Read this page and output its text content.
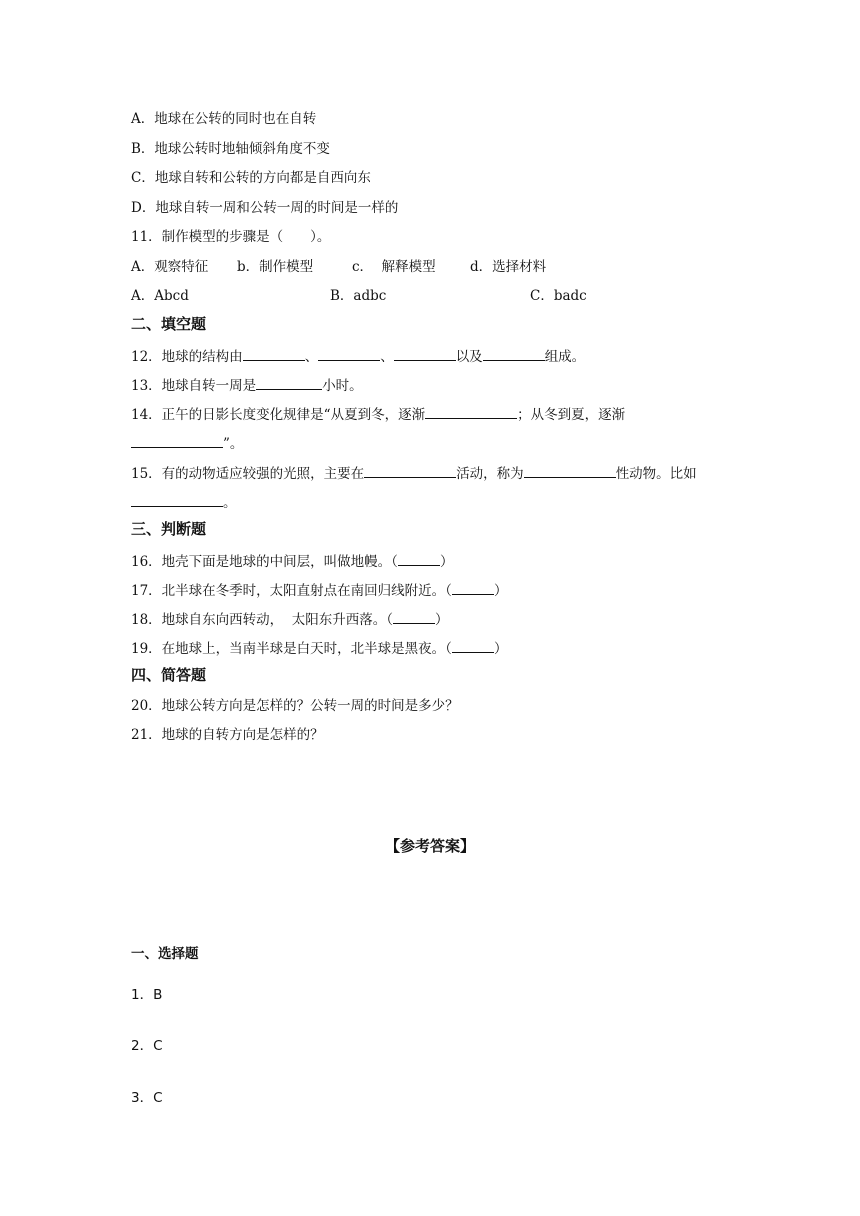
A．地球在公转的同时也在自转
B．地球公转时地轴倾斜角度不变
C．地球自转和公转的方向都是自西向东
D．地球自转一周和公转一周的时间是一样的
11．制作模型的步骤是（　　）。
A．观察特征 b．制作模型	c．  解释模型	d．选择材料
A．Abcd	B．adbc	C．badc
二、填空题
12．地球的结构由	、	、	以及	组成。
13．地球自转一周是	小时。
14．正午的日影长度变化规律是“从夏到冬，逐渐	；从冬到夏，逐渐
”。
15．有的动物适应较强的光照，主要在	活动，称为	性动物。比如
。
三、判断题
16．地壳下面是地球的中间层，叫做地幔。（	）
17．北半球在冬季时，太阳直射点在南回归线附近。（	）
18．地球自东向西转动，  太阳东升西落。（	）
19．在地球上，当南半球是白天时，北半球是黑夜。（	）
四、简答题
20．地球公转方向是怎样的？公转一周的时间是多少？
21．地球的自转方向是怎样的？
【参考答案】
一、选择题
1．B
2．C
3．C
